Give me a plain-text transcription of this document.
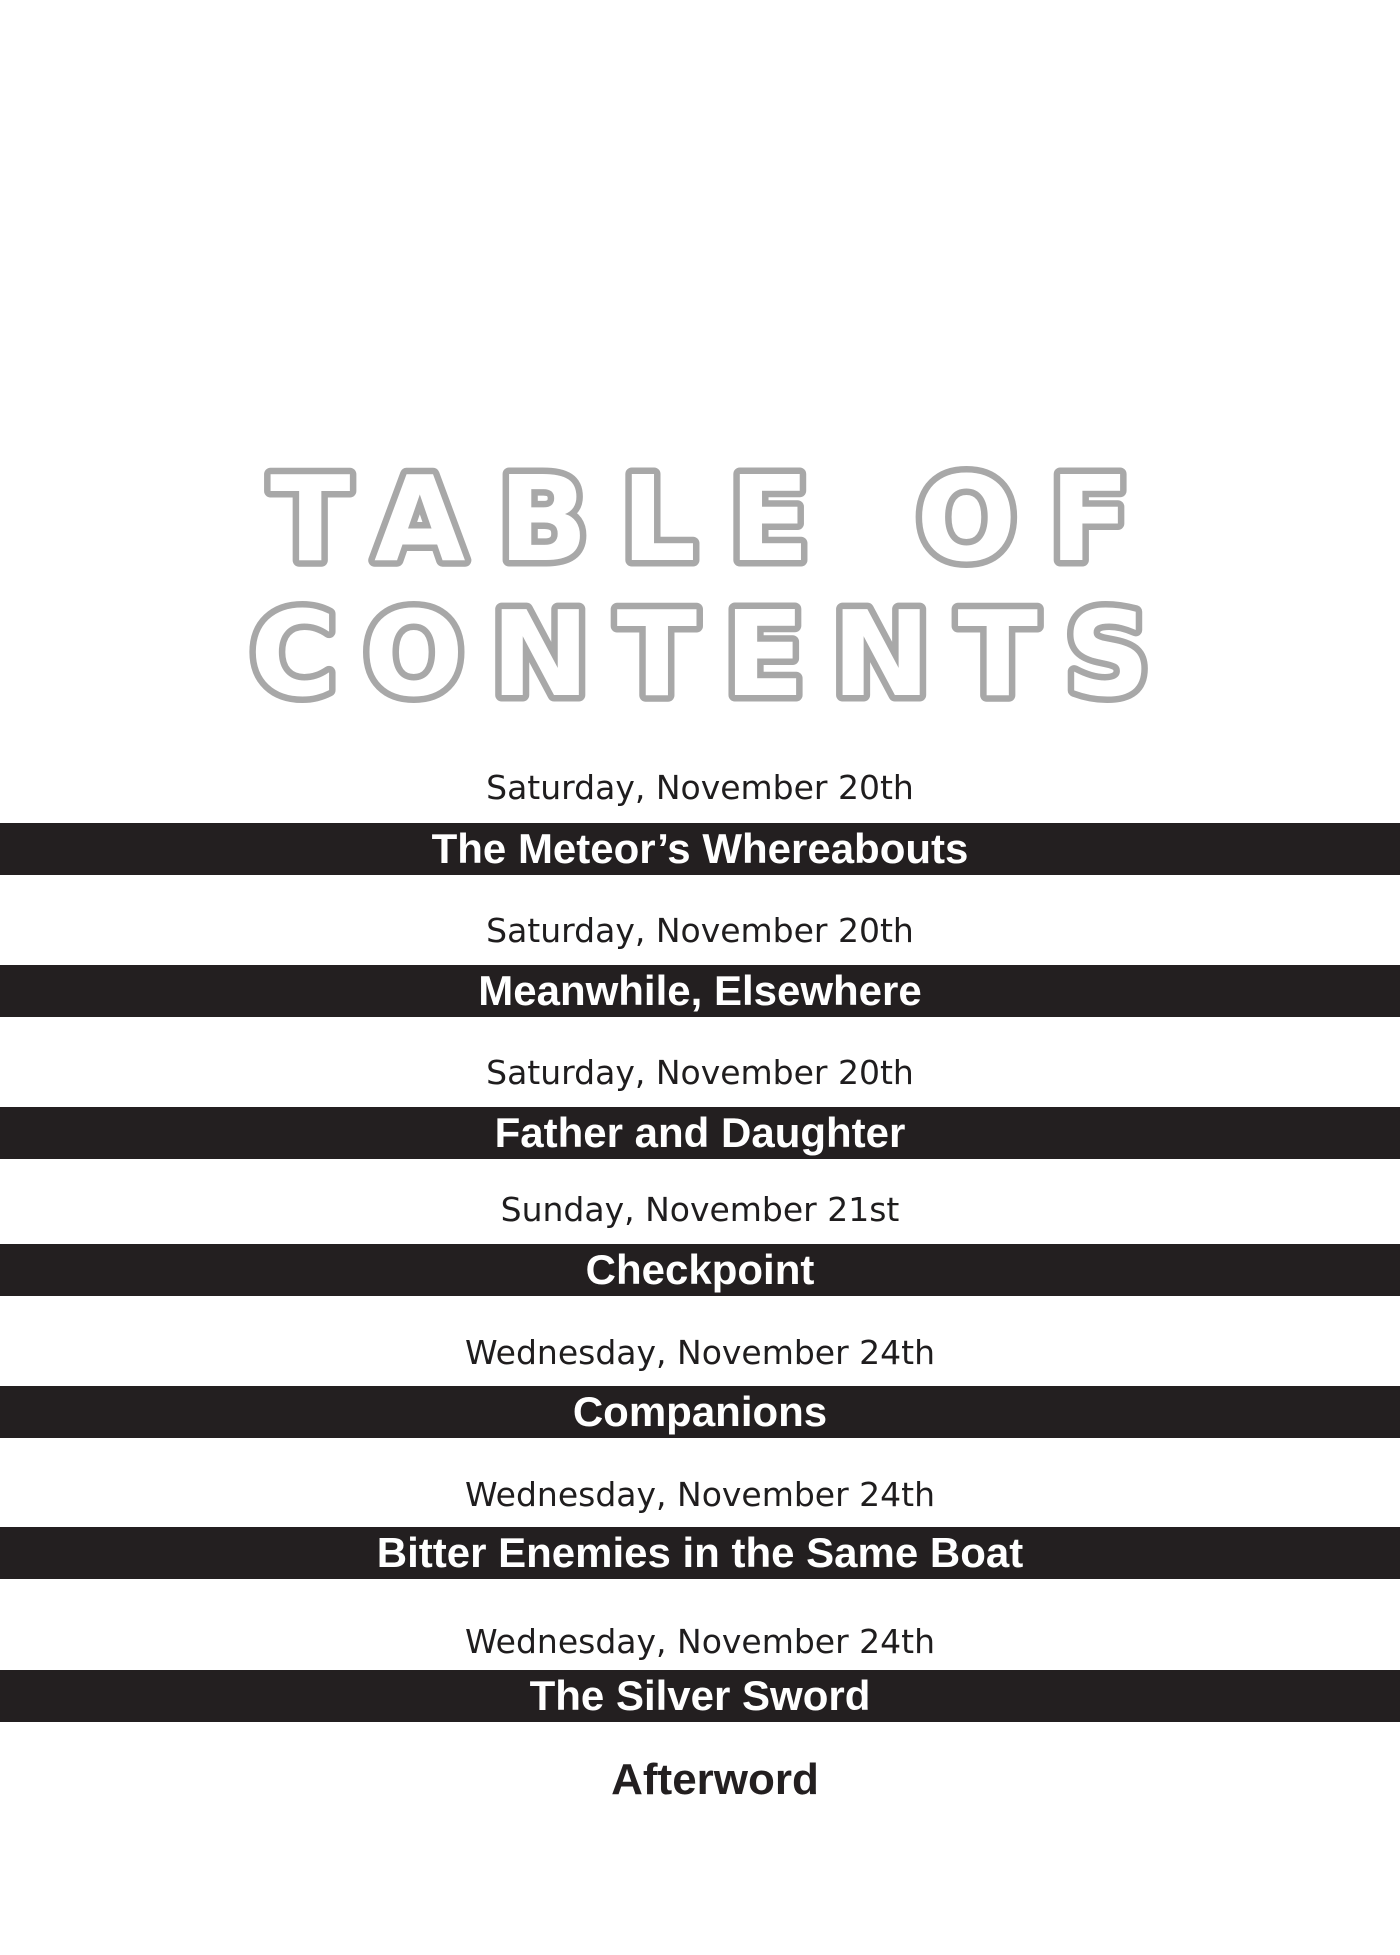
TABLE OF
CONTENTS
Saturday, November 20th
The Meteor’s Whereabouts
Saturday, November 20th
Meanwhile, Elsewhere
Saturday, November 20th
Father and Daughter
Sunday, November 21st
Checkpoint
Wednesday, November 24th
Companions
Wednesday, November 24th
Bitter Enemies in the Same Boat
Wednesday, November 24th
The Silver Sword
Afterword
